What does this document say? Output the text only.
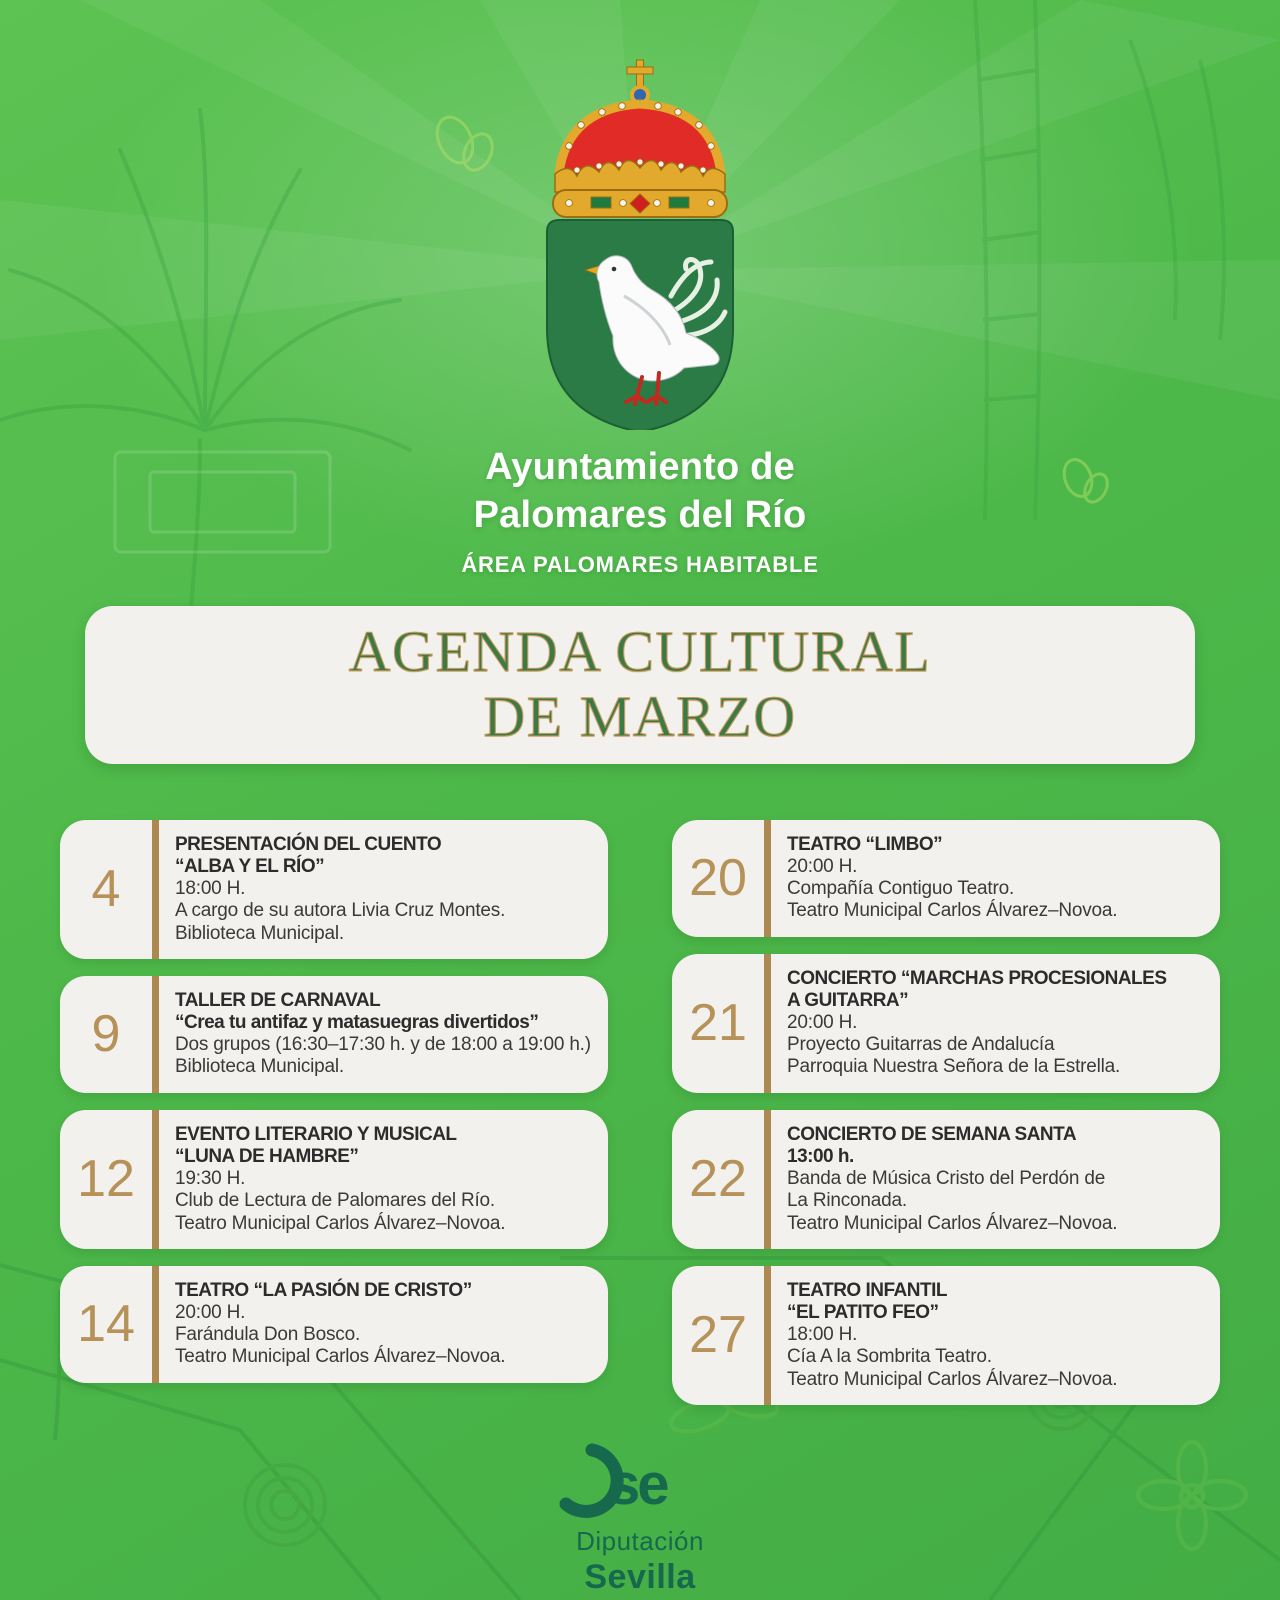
Ayuntamiento de
Palomares del Río
ÁREA PALOMARES HABITABLE
AGENDA CULTURAL
DE MARZO
4
PRESENTACIÓN DEL CUENTO
“ALBA Y EL RÍO”
18:00 H.
A cargo de su autora Livia Cruz Montes.
Biblioteca Municipal.
9
TALLER DE CARNAVAL
“Crea tu antifaz y matasuegras divertidos”
Dos grupos (16:30–17:30 h. y de 18:00 a 19:00 h.)
Biblioteca Municipal.
12
EVENTO LITERARIO Y MUSICAL
“LUNA DE HAMBRE”
19:30 H.
Club de Lectura de Palomares del Río.
Teatro Municipal Carlos Álvarez–Novoa.
14
TEATRO “LA PASIÓN DE CRISTO”
20:00 H.
Farándula Don Bosco.
Teatro Municipal Carlos Álvarez–Novoa.
20
TEATRO “LIMBO”
20:00 H.
Compañía Contiguo Teatro.
Teatro Municipal Carlos Álvarez–Novoa.
21
CONCIERTO “MARCHAS PROCESIONALES
A GUITARRA”
20:00 H.
Proyecto Guitarras de Andalucía
Parroquia Nuestra Señora de la Estrella.
22
CONCIERTO DE SEMANA SANTA
13:00 h.
Banda de Música Cristo del Perdón de
La Rinconada.
Teatro Municipal Carlos Álvarez–Novoa.
27
TEATRO INFANTIL
“EL PATITO FEO”
18:00 H.
Cía A la Sombrita Teatro.
Teatro Municipal Carlos Álvarez–Novoa.
se
Diputación
Sevilla
